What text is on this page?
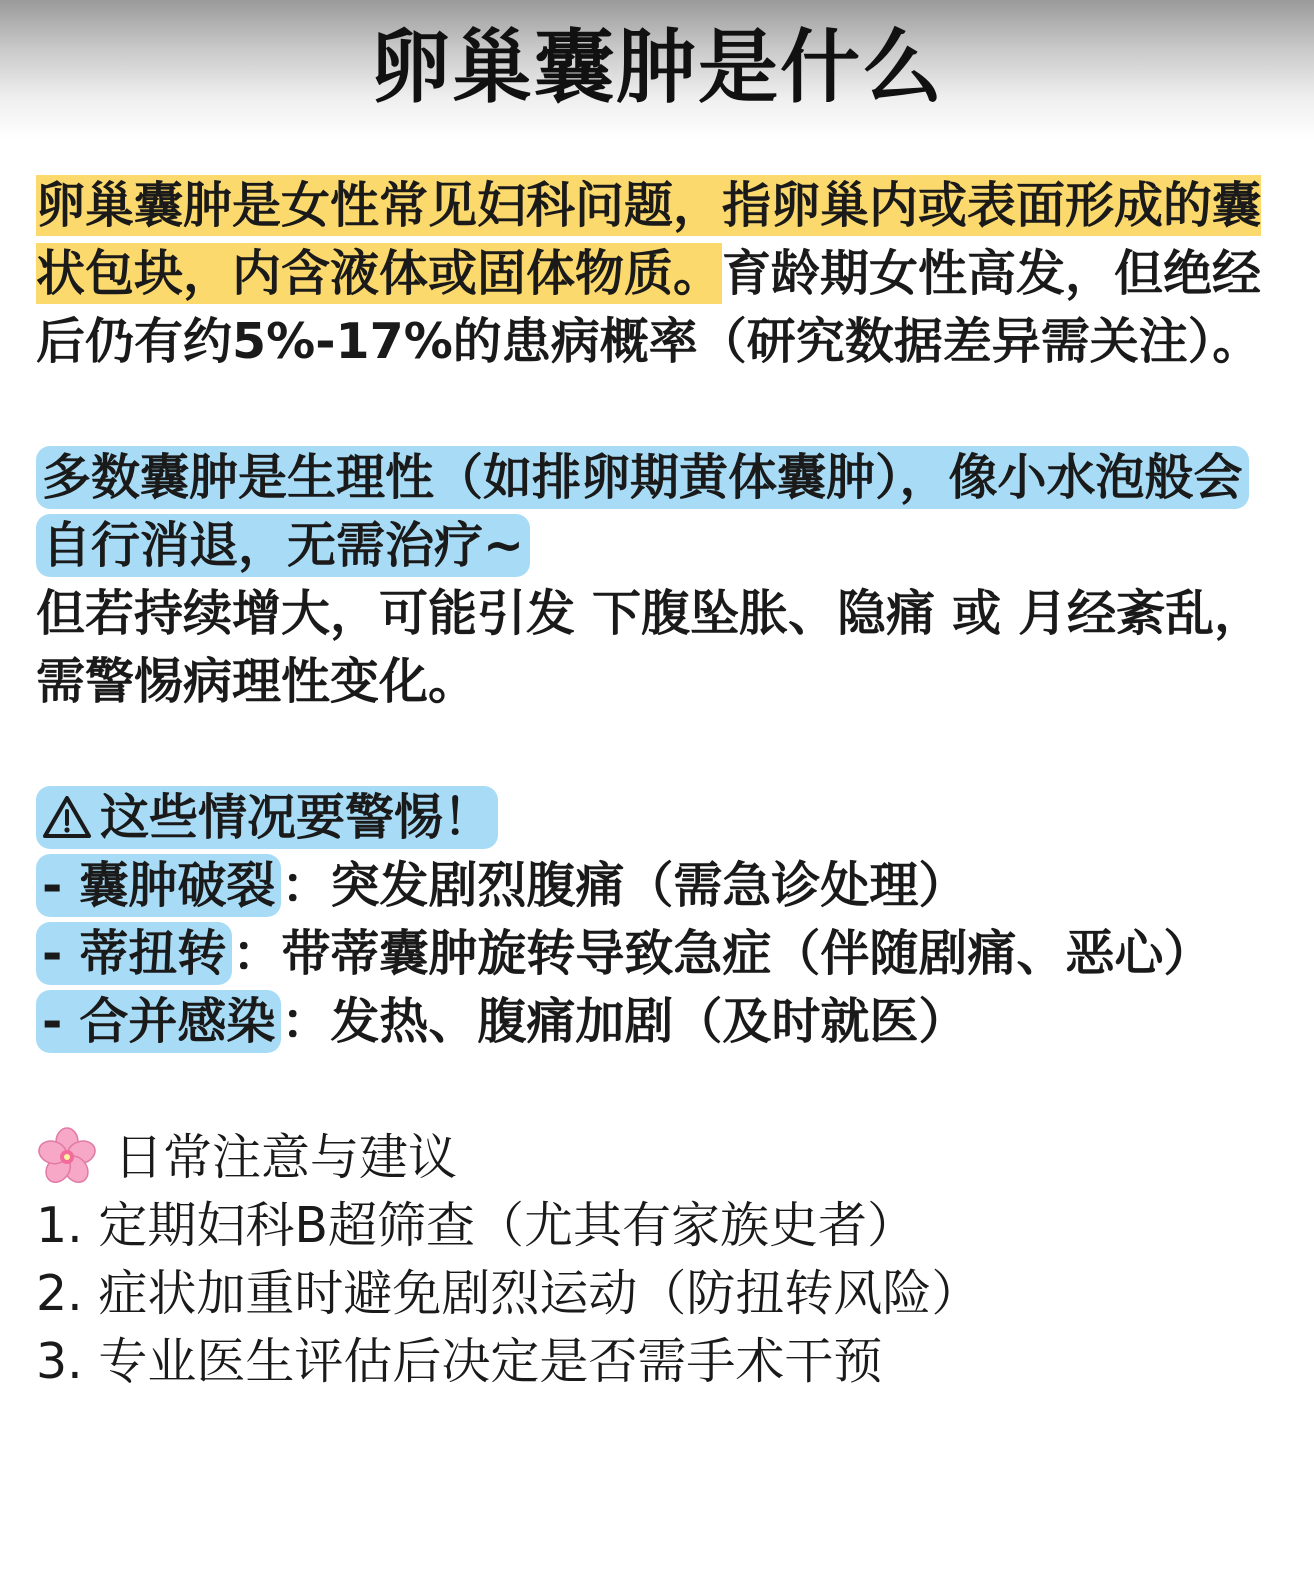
卵巢囊肿是什么

卵巢囊肿是女性常见妇科问题，指卵巢内或表面形成的囊状包块，内含液体或固体物质。育龄期女性高发，但绝经后仍有约5%-17%的患病概率（研究数据差异需关注）。

多数囊肿是生理性（如排卵期黄体囊肿），像小水泡般会自行消退，无需治疗~
但若持续增大，可能引发 下腹坠胀、隐痛 或 月经紊乱，需警惕病理性变化。

这些情况要警惕！
- 囊肿破裂 ：突发剧烈腹痛（需急诊处理）
- 蒂扭转 ：带蒂囊肿旋转导致急症（伴随剧痛、恶心）
- 合并感染 ：发热、腹痛加剧（及时就医）
日常注意与建议
1. 定期妇科B超筛查（尤其有家族史者）
2. 症状加重时避免剧烈运动（防扭转风险）
3. 专业医生评估后决定是否需手术干预
